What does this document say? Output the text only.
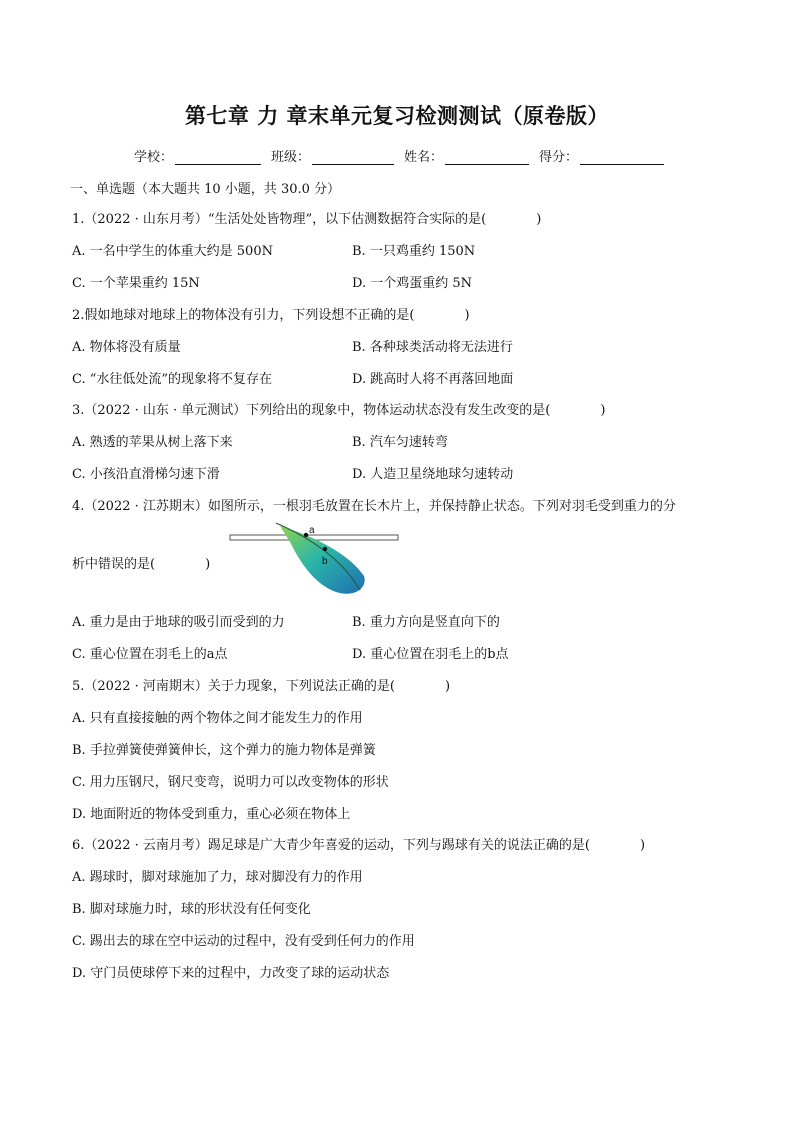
第七章 力 章末单元复习检测测试（原卷版）
学校：	班级：	姓名：	得分：
一、单选题（本大题共 10 小题，共 30.0 分）
1.（2022 · 山东月考）“生活处处皆物理”，以下估测数据符合实际的是(	)
A. 一名中学生的体重大约是 500N	B. 一只鸡重约 150N
C. 一个苹果重约 15N	D. 一个鸡蛋重约 5N
2.假如地球对地球上的物体没有引力，下列设想不正确的是(	)
A. 物体将没有质量	B. 各种球类活动将无法进行
C. “水往低处流”的现象将不复存在	D. 跳高时人将不再落回地面
3.（2022 · 山东 · 单元测试）下列给出的现象中，物体运动状态没有发生改变的是(	)
A. 熟透的苹果从树上落下来	B. 汽车匀速转弯
C. 小孩沿直滑梯匀速下滑	D. 人造卫星绕地球匀速转动
4.（2022 · 江苏期末）如图所示，一根羽毛放置在长木片上，并保持静止状态。下列对羽毛受到重力的分
析中错误的是(	)
a
b
A. 重力是由于地球的吸引而受到的力	B. 重力方向是竖直向下的
C. 重心位置在羽毛上的a点	D. 重心位置在羽毛上的b点
5.（2022 · 河南期末）关于力现象，下列说法正确的是(	)
A. 只有直接接触的两个物体之间才能发生力的作用
B. 手拉弹簧使弹簧伸长，这个弹力的施力物体是弹簧
C. 用力压钢尺，钢尺变弯，说明力可以改变物体的形状
D. 地面附近的物体受到重力，重心必须在物体上
6.（2022 · 云南月考）踢足球是广大青少年喜爱的运动，下列与踢球有关的说法正确的是(	)
A. 踢球时，脚对球施加了力，球对脚没有力的作用
B. 脚对球施力时，球的形状没有任何变化
C. 踢出去的球在空中运动的过程中，没有受到任何力的作用
D. 守门员使球停下来的过程中，力改变了球的运动状态
